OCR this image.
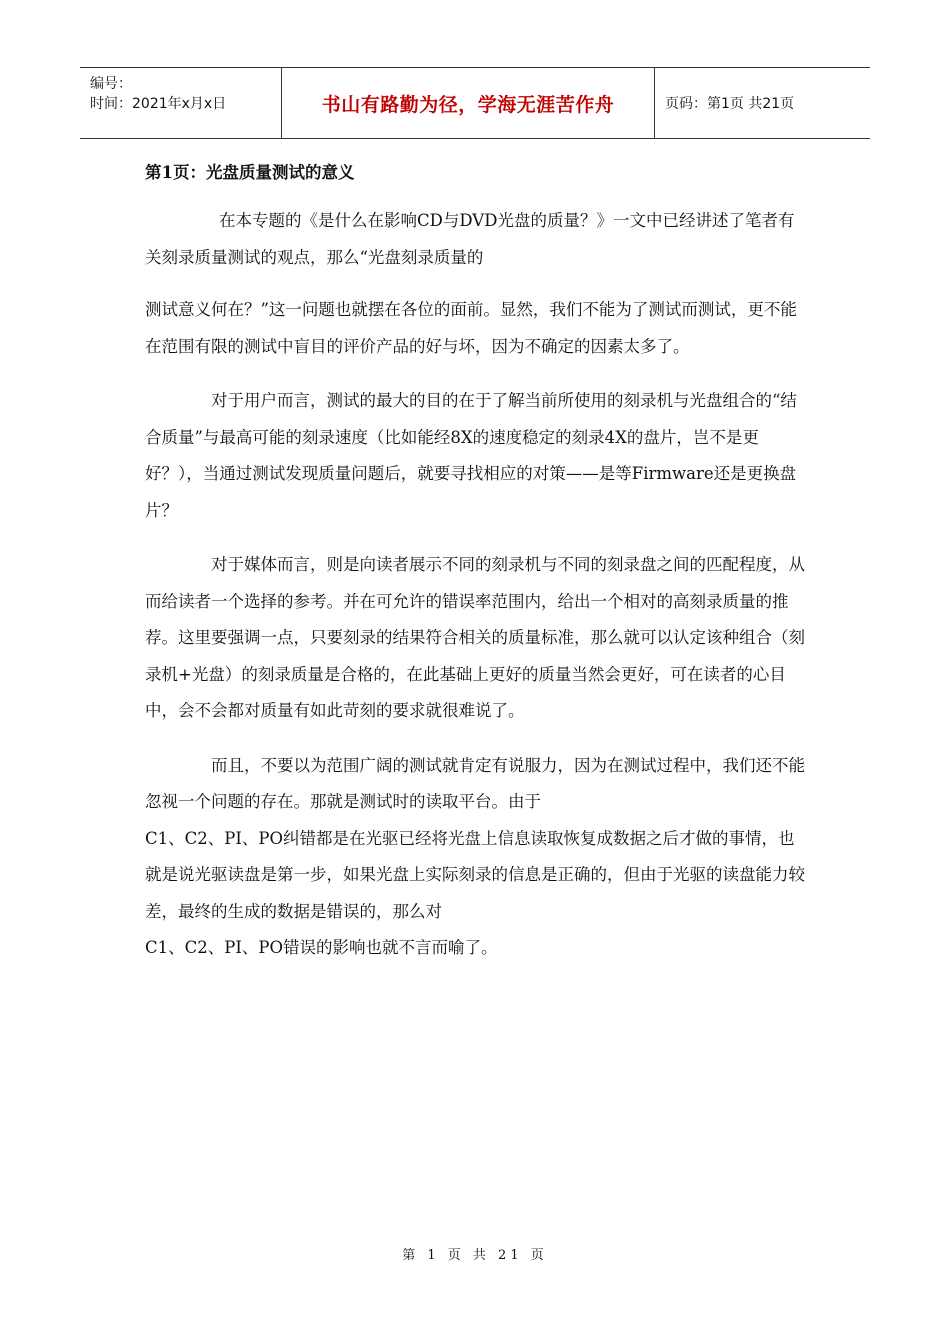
编号：
时间：2021年x月x日	书山有路勤为径，学海无涯苦作舟	页码：第1页 共21页
第1页：光盘质量测试的意义

在本专题的《是什么在影响CD与DVD光盘的质量？》一文中已经讲述了笔者有关刻录质量测试的观点，那么“光盘刻录质量的

测试意义何在？”这一问题也就摆在各位的面前。显然，我们不能为了测试而测试，更不能在范围有限的测试中盲目的评价产品的好与坏，因为不确定的因素太多了。

对于用户而言，测试的最大的目的在于了解当前所使用的刻录机与光盘组合的“结合质量”与最高可能的刻录速度（比如能经8X的速度稳定的刻录4X的盘片，岂不是更好？），当通过测试发现质量问题后，就要寻找相应的对策——是等Firmware还是更换盘片？

对于媒体而言，则是向读者展示不同的刻录机与不同的刻录盘之间的匹配程度，从而给读者一个选择的参考。并在可允许的错误率范围内，给出一个相对的高刻录质量的推荐。这里要强调一点，只要刻录的结果符合相关的质量标准，那么就可以认定该种组合（刻录机+光盘）的刻录质量是合格的，在此基础上更好的质量当然会更好，可在读者的心目中，会不会都对质量有如此苛刻的要求就很难说了。

而且，不要以为范围广阔的测试就肯定有说服力，因为在测试过程中，我们还不能忽视一个问题的存在。那就是测试时的读取平台。由于

C1、C2、PI、PO纠错都是在光驱已经将光盘上信息读取恢复成数据之后才做的事情，也就是说光驱读盘是第一步，如果光盘上实际刻录的信息是正确的，但由于光驱的读盘能力较差，最终的生成的数据是错误的，那么对

C1、C2、PI、PO错误的影响也就不言而喻了。

第 1 页 共 21 页
